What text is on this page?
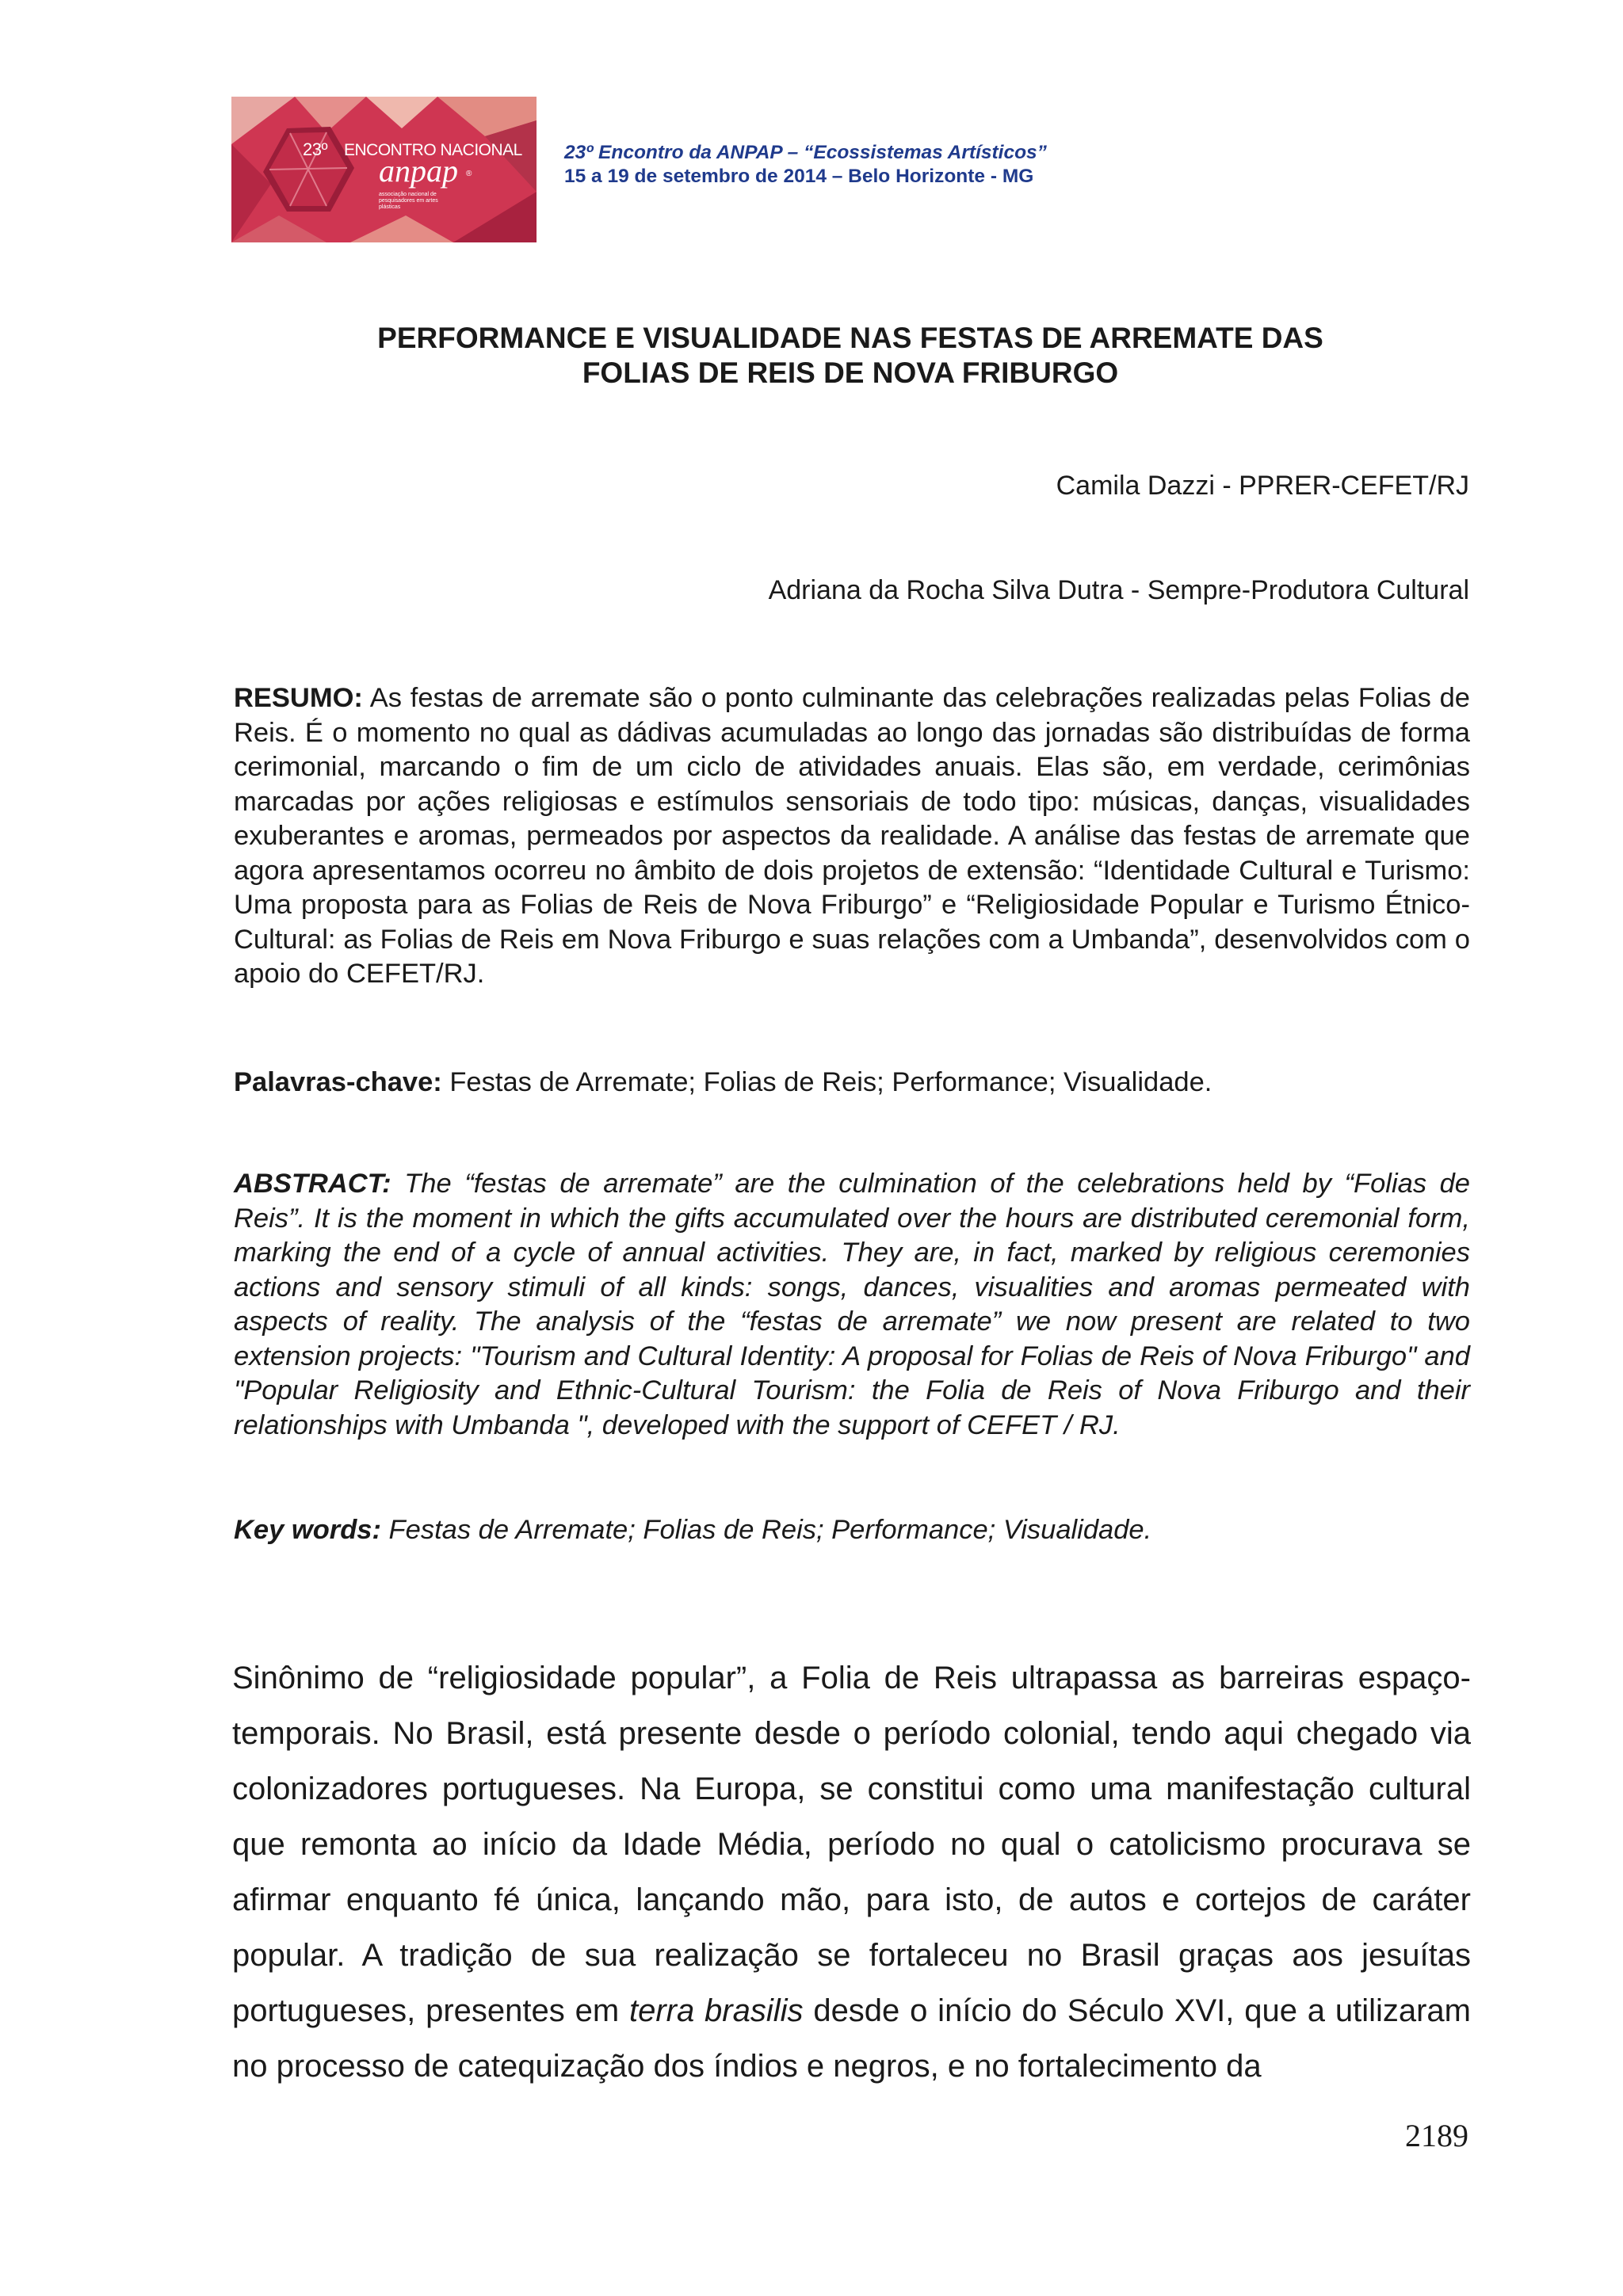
23º ENCONTRO NACIONAL
anpap ®
associação nacional de pesquisadores em artes plásticas
23º Encontro da ANPAP – “Ecossistemas Artísticos”
15 a 19 de setembro de 2014 – Belo Horizonte - MG
PERFORMANCE E VISUALIDADE NAS FESTAS DE ARREMATE DAS
FOLIAS DE REIS DE NOVA FRIBURGO
Camila Dazzi - PPRER-CEFET/RJ
Adriana da Rocha Silva Dutra - Sempre-Produtora Cultural

RESUMO: As festas de arremate são o ponto culminante das celebrações realizadas pelas Folias de Reis. É o momento no qual as dádivas acumuladas ao longo das jornadas são distribuídas de forma cerimonial, marcando o fim de um ciclo de atividades anuais. Elas são, em verdade, cerimônias marcadas por ações religiosas e estímulos sensoriais de todo tipo: músicas, danças, visualidades exuberantes e aromas, permeados por aspectos da realidade. A análise das festas de arremate que agora apresentamos ocorreu no âmbito de dois projetos de extensão: “Identidade Cultural e Turismo: Uma proposta para as Folias de Reis de Nova Friburgo” e “Religiosidade Popular e Turismo Étnico-Cultural: as Folias de Reis em Nova Friburgo e suas relações com a Umbanda”, desenvolvidos com o apoio do CEFET/RJ.

Palavras-chave: Festas de Arremate; Folias de Reis; Performance; Visualidade.

ABSTRACT: The “festas de arremate” are the culmination of the celebrations held by “Folias de Reis”. It is the moment in which the gifts accumulated over the hours are distributed ceremonial form, marking the end of a cycle of annual activities. They are, in fact, marked by religious ceremonies actions and sensory stimuli of all kinds: songs, dances, visualities and aromas permeated with aspects of reality. The analysis of the “festas de arremate” we now present are related to two extension projects: "Tourism and Cultural Identity: A proposal for Folias de Reis of Nova Friburgo" and "Popular Religiosity and Ethnic-Cultural Tourism: the Folia de Reis of Nova Friburgo and their relationships with Umbanda ", developed with the support of CEFET / RJ.

Key words: Festas de Arremate; Folias de Reis; Performance; Visualidade.

Sinônimo de “religiosidade popular”, a Folia de Reis ultrapassa as barreiras espaço-temporais. No Brasil, está presente desde o período colonial, tendo aqui chegado via colonizadores portugueses. Na Europa, se constitui como uma manifestação cultural que remonta ao início da Idade Média, período no qual o catolicismo procurava se afirmar enquanto fé única, lançando mão, para isto, de autos e cortejos de caráter popular. A tradição de sua realização se fortaleceu no Brasil graças aos jesuítas portugueses, presentes em terra brasilis desde o início do Século XVI, que a utilizaram no processo de catequização dos índios e negros, e no fortalecimento da

2189
